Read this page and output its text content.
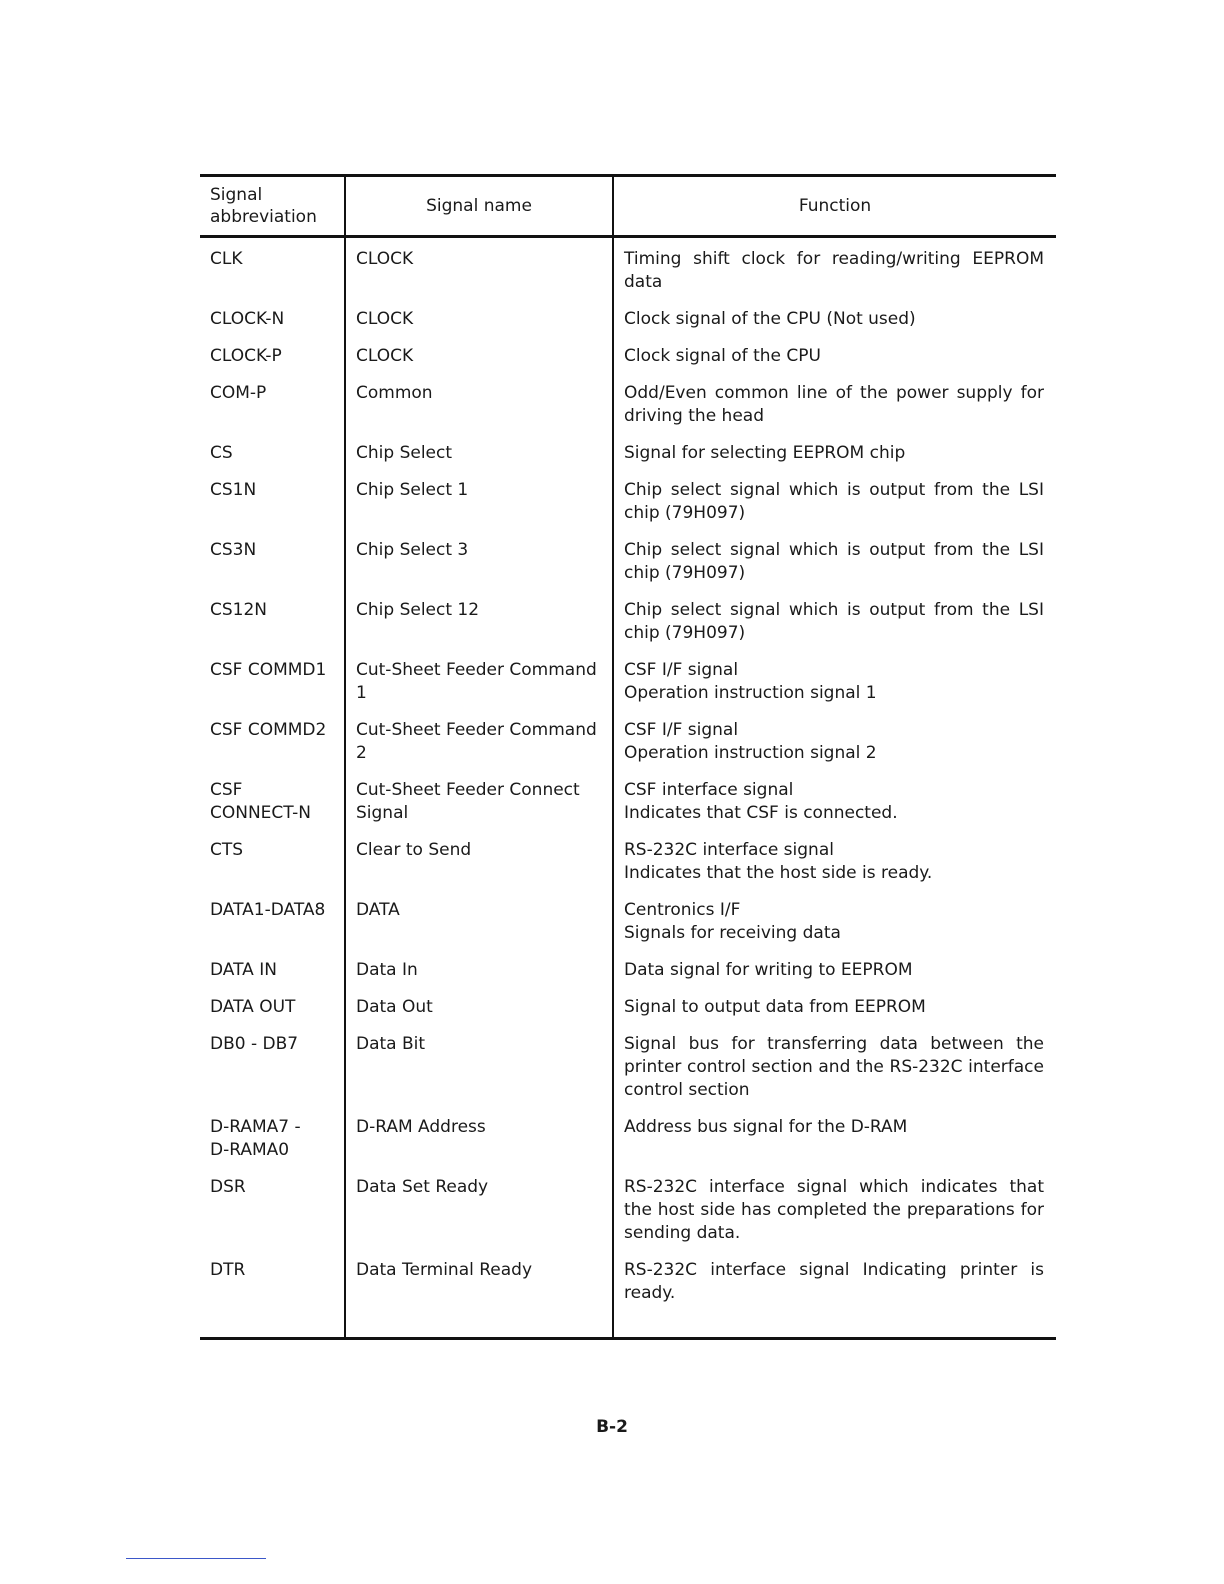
Signal
abbreviation	Signal name	Function
CLK	CLOCK	Timing shift clock for reading/writing EEPROM data
CLOCK-N	CLOCK	Clock signal of the CPU (Not used)
CLOCK-P	CLOCK	Clock signal of the CPU
COM-P	Common	Odd/Even common line of the power supply for driving the head
CS	Chip Select	Signal for selecting EEPROM chip
CS1N	Chip Select 1	Chip select signal which is output from the LSI chip (79H097)
CS3N	Chip Select 3	Chip select signal which is output from the LSI chip (79H097)
CS12N	Chip Select 12	Chip select signal which is output from the LSI chip (79H097)
CSF COMMD1	Cut-Sheet Feeder Command 1	CSF I/F signal
Operation instruction signal 1
CSF COMMD2	Cut-Sheet Feeder Command 2	CSF I/F signal
Operation instruction signal 2
CSF
CONNECT-N	Cut-Sheet Feeder Connect Signal	CSF interface signal
Indicates that CSF is connected.
CTS	Clear to Send	RS-232C interface signal
Indicates that the host side is ready.
DATA1-DATA8	DATA	Centronics I/F
Signals for receiving data
DATA IN	Data In	Data signal for writing to EEPROM
DATA OUT	Data Out	Signal to output data from EEPROM
DB0 - DB7	Data Bit	Signal bus for transferring data between the printer control section and the RS-232C interface control section
D-RAMA7 -
D-RAMA0	D-RAM Address	Address bus signal for the D-RAM
DSR	Data Set Ready	RS-232C interface signal which indicates that the host side has completed the preparations for sending data.
DTR	Data Terminal Ready	RS-232C interface signal Indicating printer is ready.
B-2
